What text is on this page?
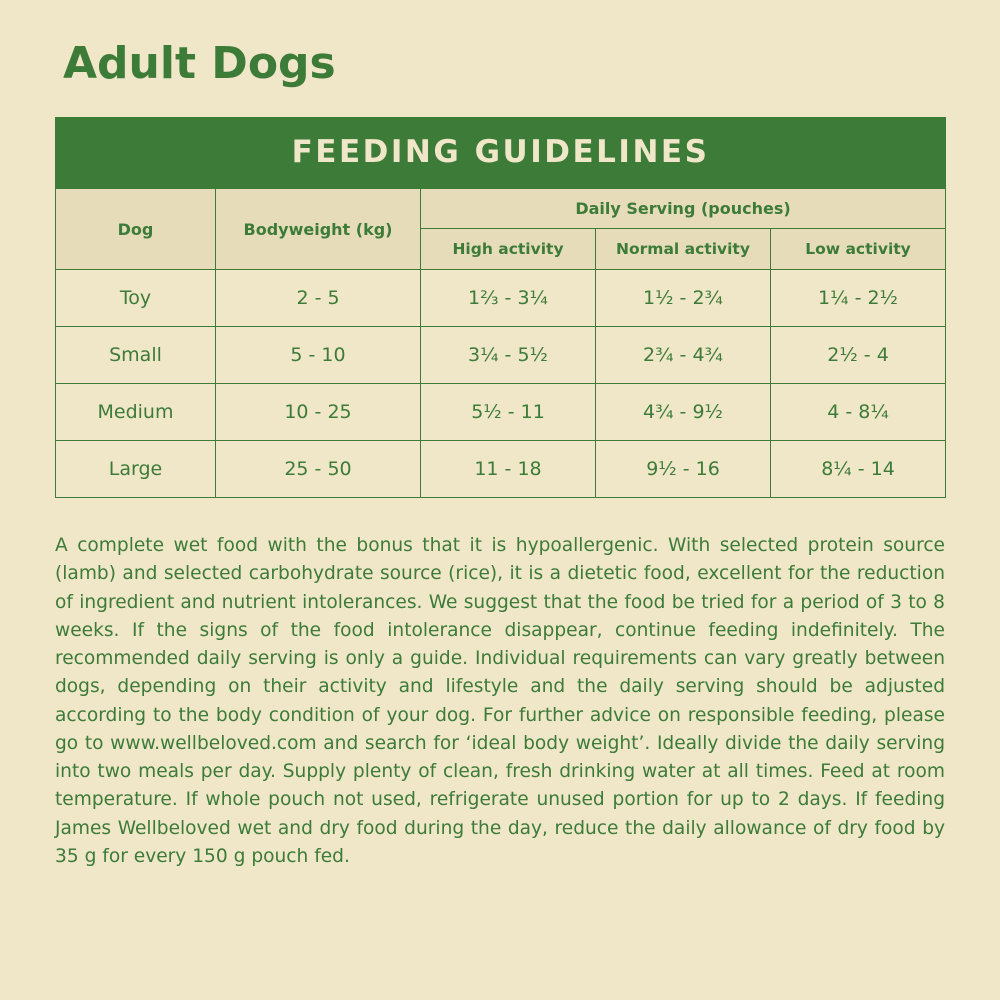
Adult Dogs
FEEDING GUIDELINES				
Dog	Bodyweight (kg)	Daily Serving (pouches)		
		High activity	Normal activity	Low activity
Toy	2 - 5	1⅔ - 3¼	1½ - 2¾	1¼ - 2½
Small	5 - 10	3¼ - 5½	2¾ - 4¾	2½ - 4
Medium	10 - 25	5½ - 11	4¾ - 9½	4 - 8¼
Large	25 - 50	11 - 18	9½ - 16	8¼ - 14

A complete wet food with the bonus that it is hypoallergenic. With selected protein source (lamb) and selected carbohydrate source (rice), it is a dietetic food, excellent for the reduction of ingredient and nutrient intolerances. We suggest that the food be tried for a period of 3 to 8 weeks. If the signs of the food intolerance disappear, continue feeding indefinitely. The recommended daily serving is only a guide. Individual requirements can vary greatly between dogs, depending on their activity and lifestyle and the daily serving should be adjusted according to the body condition of your dog. For further advice on responsible feeding, please go to www.wellbeloved.com and search for ‘ideal body weight’. Ideally divide the daily serving into two meals per day. Supply plenty of clean, fresh drinking water at all times. Feed at room temperature. If whole pouch not used, refrigerate unused portion for up to 2 days. If feeding James Wellbeloved wet and dry food during the day, reduce the daily allowance of dry food by 35 g for every 150 g pouch fed.
